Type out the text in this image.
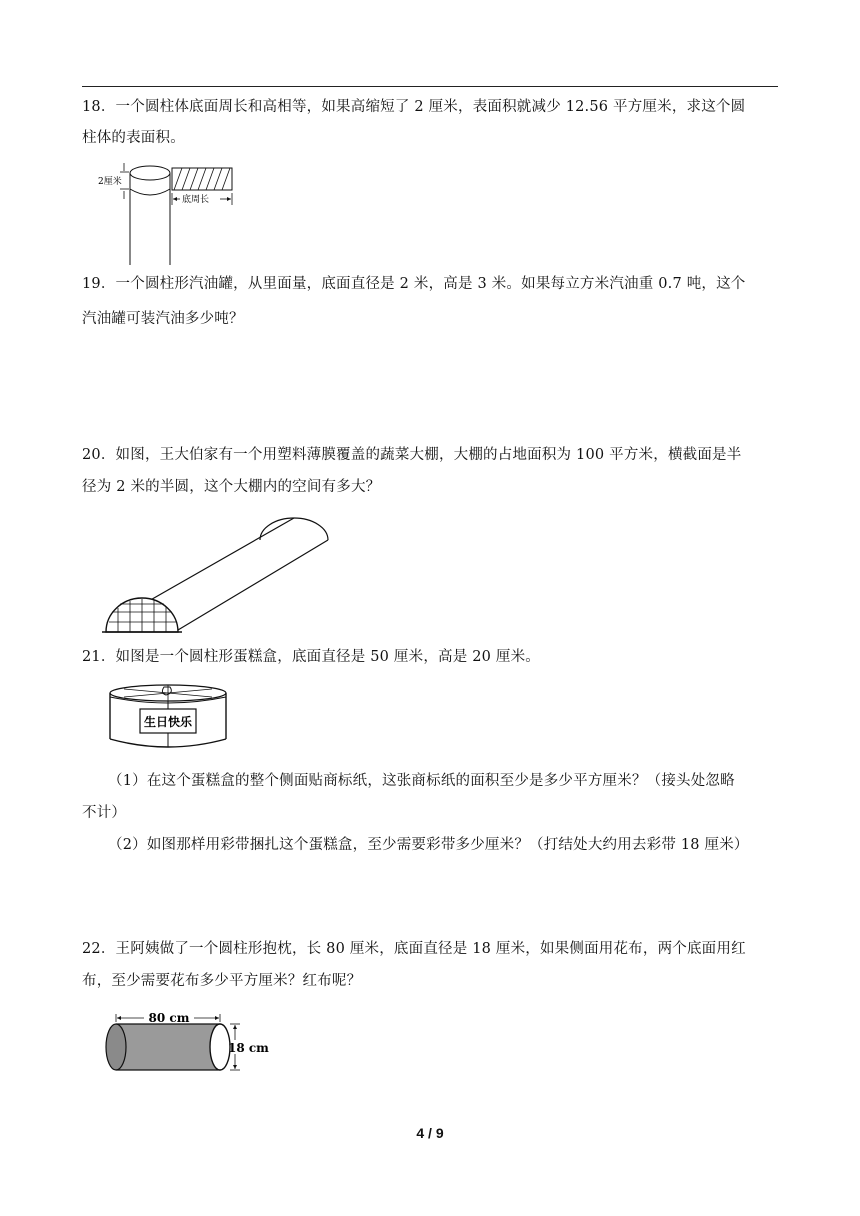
18．一个圆柱体底面周长和高相等，如果高缩短了 2 厘米，表面积就减少 12.56 平方厘米，求这个圆
柱体的表面积。
2厘米
底周长
19．一个圆柱形汽油罐，从里面量，底面直径是 2 米，高是 3 米。如果每立方米汽油重 0.7 吨，这个
汽油罐可装汽油多少吨？
20．如图，王大伯家有一个用塑料薄膜覆盖的蔬菜大棚，大棚的占地面积为 100 平方米，横截面是半
径为 2 米的半圆，这个大棚内的空间有多大？
21．如图是一个圆柱形蛋糕盒，底面直径是 50 厘米，高是 20 厘米。
生日快乐
（1）在这个蛋糕盒的整个侧面贴商标纸，这张商标纸的面积至少是多少平方厘米？（接头处忽略
不计）
（2）如图那样用彩带捆扎这个蛋糕盒，至少需要彩带多少厘米？（打结处大约用去彩带 18 厘米）
22．王阿姨做了一个圆柱形抱枕，长 80 厘米，底面直径是 18 厘米，如果侧面用花布，两个底面用红
布，至少需要花布多少平方厘米？红布呢？
80 cm
18 cm
4 / 9
